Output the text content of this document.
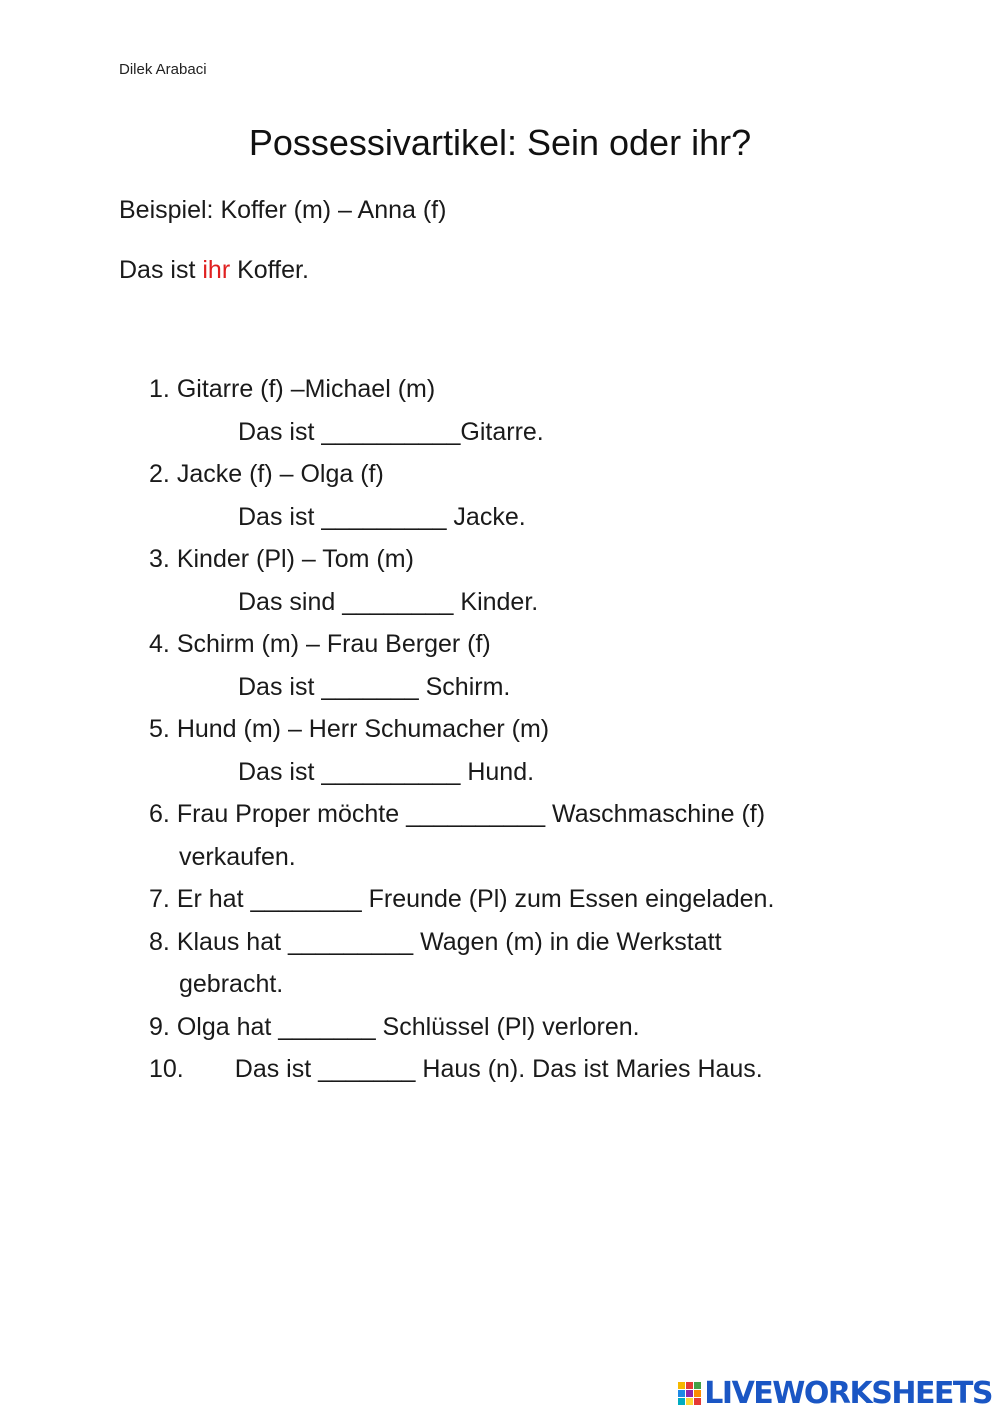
Dilek Arabaci
Possessivartikel: Sein oder ihr?
Beispiel: Koffer (m) – Anna (f)
Das ist ihr Koffer.
1. Gitarre (f) –Michael (m)
Das ist __________Gitarre.
2. Jacke (f) – Olga (f)
Das ist _________ Jacke.
3. Kinder (Pl) – Tom (m)
Das sind ________ Kinder.
4. Schirm (m) – Frau Berger (f)
Das ist _______ Schirm.
5. Hund (m) – Herr Schumacher (m)
Das ist __________ Hund.
6. Frau Proper möchte __________ Waschmaschine (f)
verkaufen.
7. Er hat ________ Freunde (Pl) zum Essen eingeladen.
8. Klaus hat _________ Wagen (m) in die Werkstatt
gebracht.
9. Olga hat _______ Schlüssel (Pl) verloren.
10. Das ist _______ Haus (n). Das ist Maries Haus.
LIVEWORKSHEETS
